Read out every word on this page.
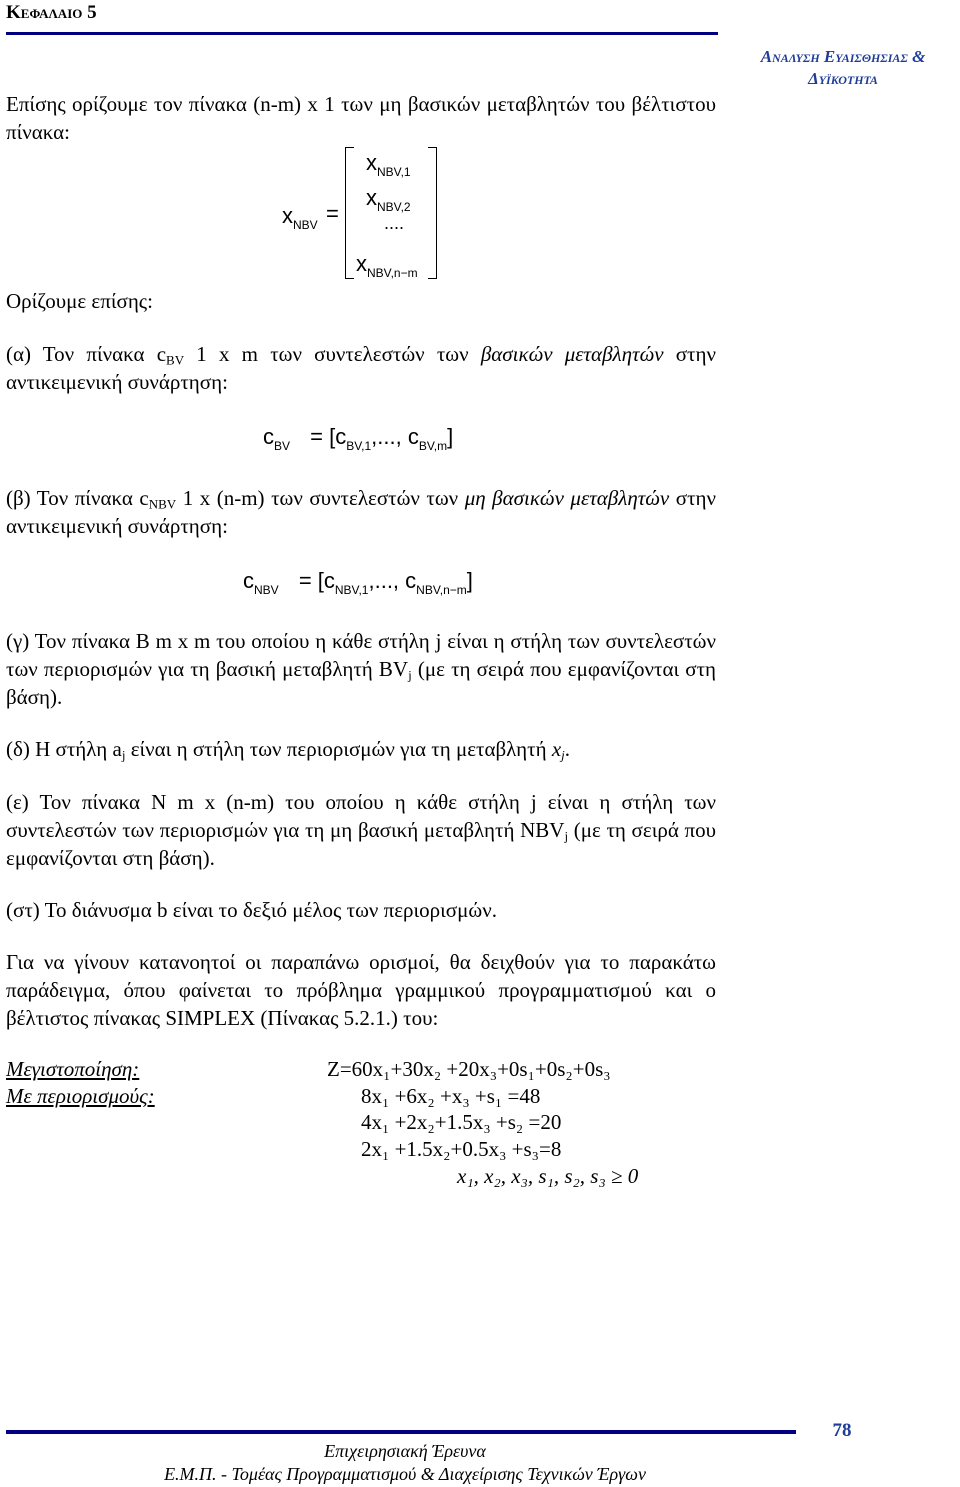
Κεφαλαιο 5
Αναλυση Ευαισθησιας &
Δυϊκοτητα
Επίσης ορίζουμε τον πίνακα (n-m) x 1 των μη βασικών μεταβλητών του βέλτιστου πίνακα:
$x_{NBV}$ =
$x_{NBV,1}$
$x_{NBV,2}$
....
$x_{NBV,n-m}$
Ορίζουμε επίσης:
(α) Τον πίνακα $c_{BV}$ 1 x m των συντελεστών των βασικών μεταβλητών στην αντικειμενική συνάρτηση:
$c_{BV} = [c_{BV,1}$,..., $c_{BV,m}$]
(β) Τον πίνακα $c_{NBV}$ 1 x (n-m) των συντελεστών των μη βασικών μεταβλητών στην αντικειμενική συνάρτηση:
$c_{NBV} = [c_{NBV,1}$,..., $c_{NBV,n-m}$]
(γ) Τον πίνακα B m x m του οποίου η κάθε στήλη j είναι η στήλη των συντελεστών των περιορισμών για τη βασική μεταβλητή $BV_j$ (με τη σειρά που εμφανίζονται στη βάση).
(δ) Η στήλη $a_j$ είναι η στήλη των περιορισμών για τη μεταβλητή $x_j$.
(ε) Τον πίνακα N m x (n-m) του οποίου η κάθε στήλη j είναι η στήλη των συντελεστών των περιορισμών για τη μη βασική μεταβλητή $NBV_j$ (με τη σειρά που εμφανίζονται στη βάση).
(στ) Το διάνυσμα b είναι το δεξιό μέλος των περιορισμών.
Για να γίνουν κατανοητοί οι παραπάνω ορισμοί, θα δειχθούν για το παρακάτω παράδειγμα, όπου φαίνεται το πρόβλημα γραμμικού προγραμματισμού και ο βέλτιστος πίνακας SIMPLEX (Πίνακας 5.2.1.) του:
Μεγιστοποίηση:
Με περιορισμούς:
Z=60x₁+30x₂ +20x₃+0s₁+0s₂+0s₃
8x₁ +6x₂ +x₃ +s₁ =48
4x₁ +2x₂+1.5x₃ +s₂ =20
2x₁ +1.5x₂+0.5x₃ +s₃=8
x₁, x₂, x₃, s₁, s₂, s₃ ≥ 0
78
Επιχειρησιακή Έρευνα
Ε.Μ.Π. - Τομέας Προγραμματισμού & Διαχείρισης Τεχνικών Έργων
